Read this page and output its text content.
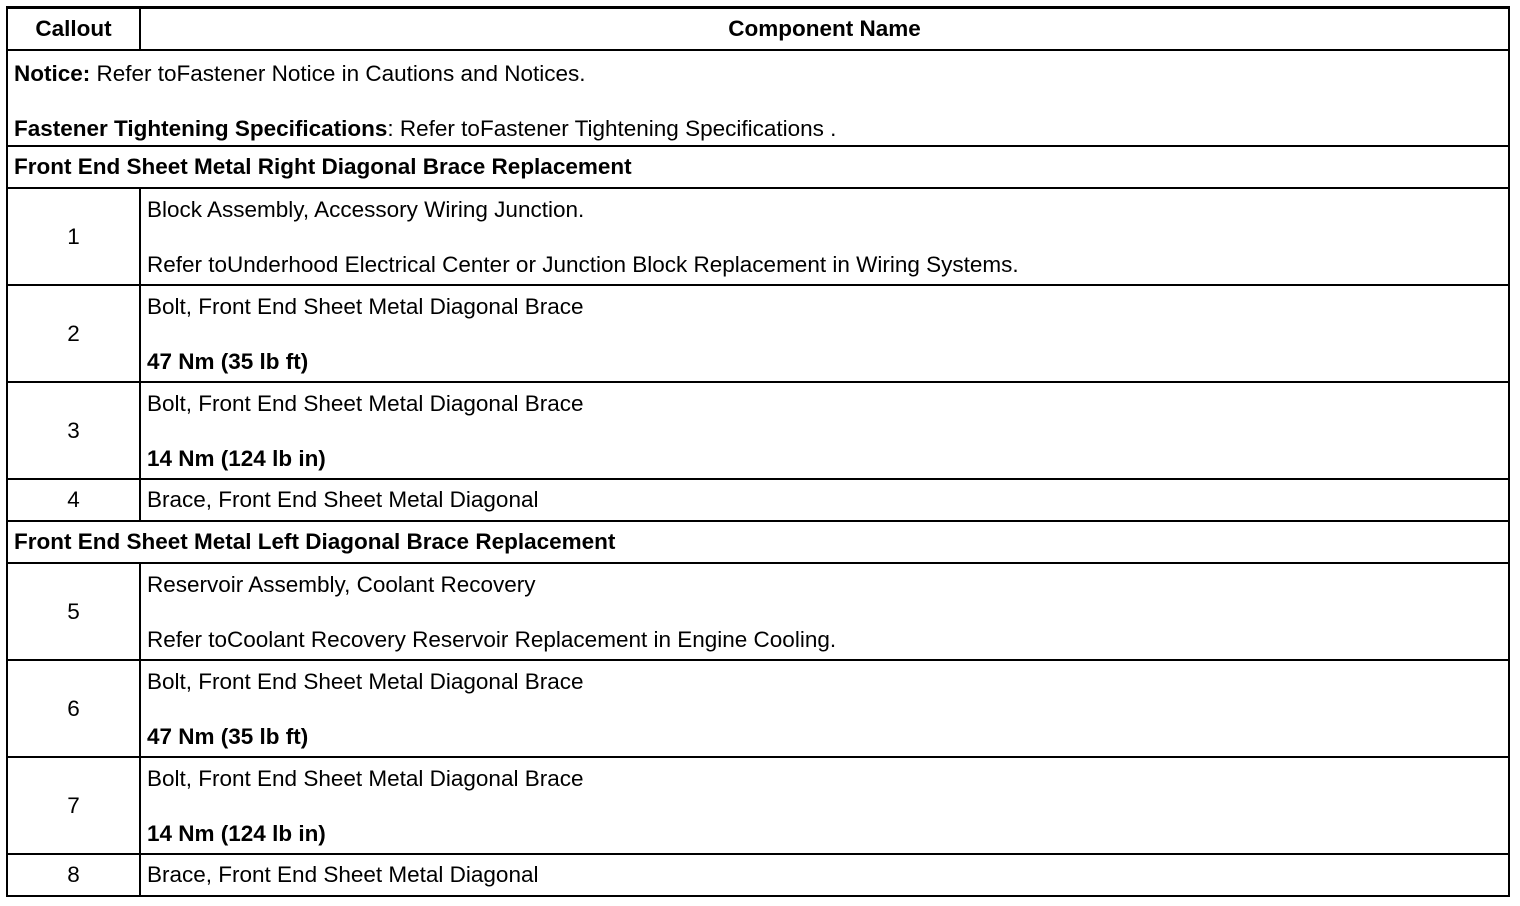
Callout	Component Name

Notice: Refer toFastener Notice in Cautions and Notices.
Fastener Tightening Specifications: Refer toFastener Tightening Specifications .	

Front End Sheet Metal Right Diagonal Brace Replacement	
1	Block Assembly, Accessory Wiring Junction.
Refer toUnderhood Electrical Center or Junction Block Replacement in Wiring Systems.

2	Bolt, Front End Sheet Metal Diagonal Brace
47 Nm (35 lb ft)

3	Bolt, Front End Sheet Metal Diagonal Brace
14 Nm (124 lb in)

4	Brace, Front End Sheet Metal Diagonal
Front End Sheet Metal Left Diagonal Brace Replacement	
5	Reservoir Assembly, Coolant Recovery
Refer toCoolant Recovery Reservoir Replacement in Engine Cooling.

6	Bolt, Front End Sheet Metal Diagonal Brace
47 Nm (35 lb ft)

7	Bolt, Front End Sheet Metal Diagonal Brace
14 Nm (124 lb in)

8	Brace, Front End Sheet Metal Diagonal
